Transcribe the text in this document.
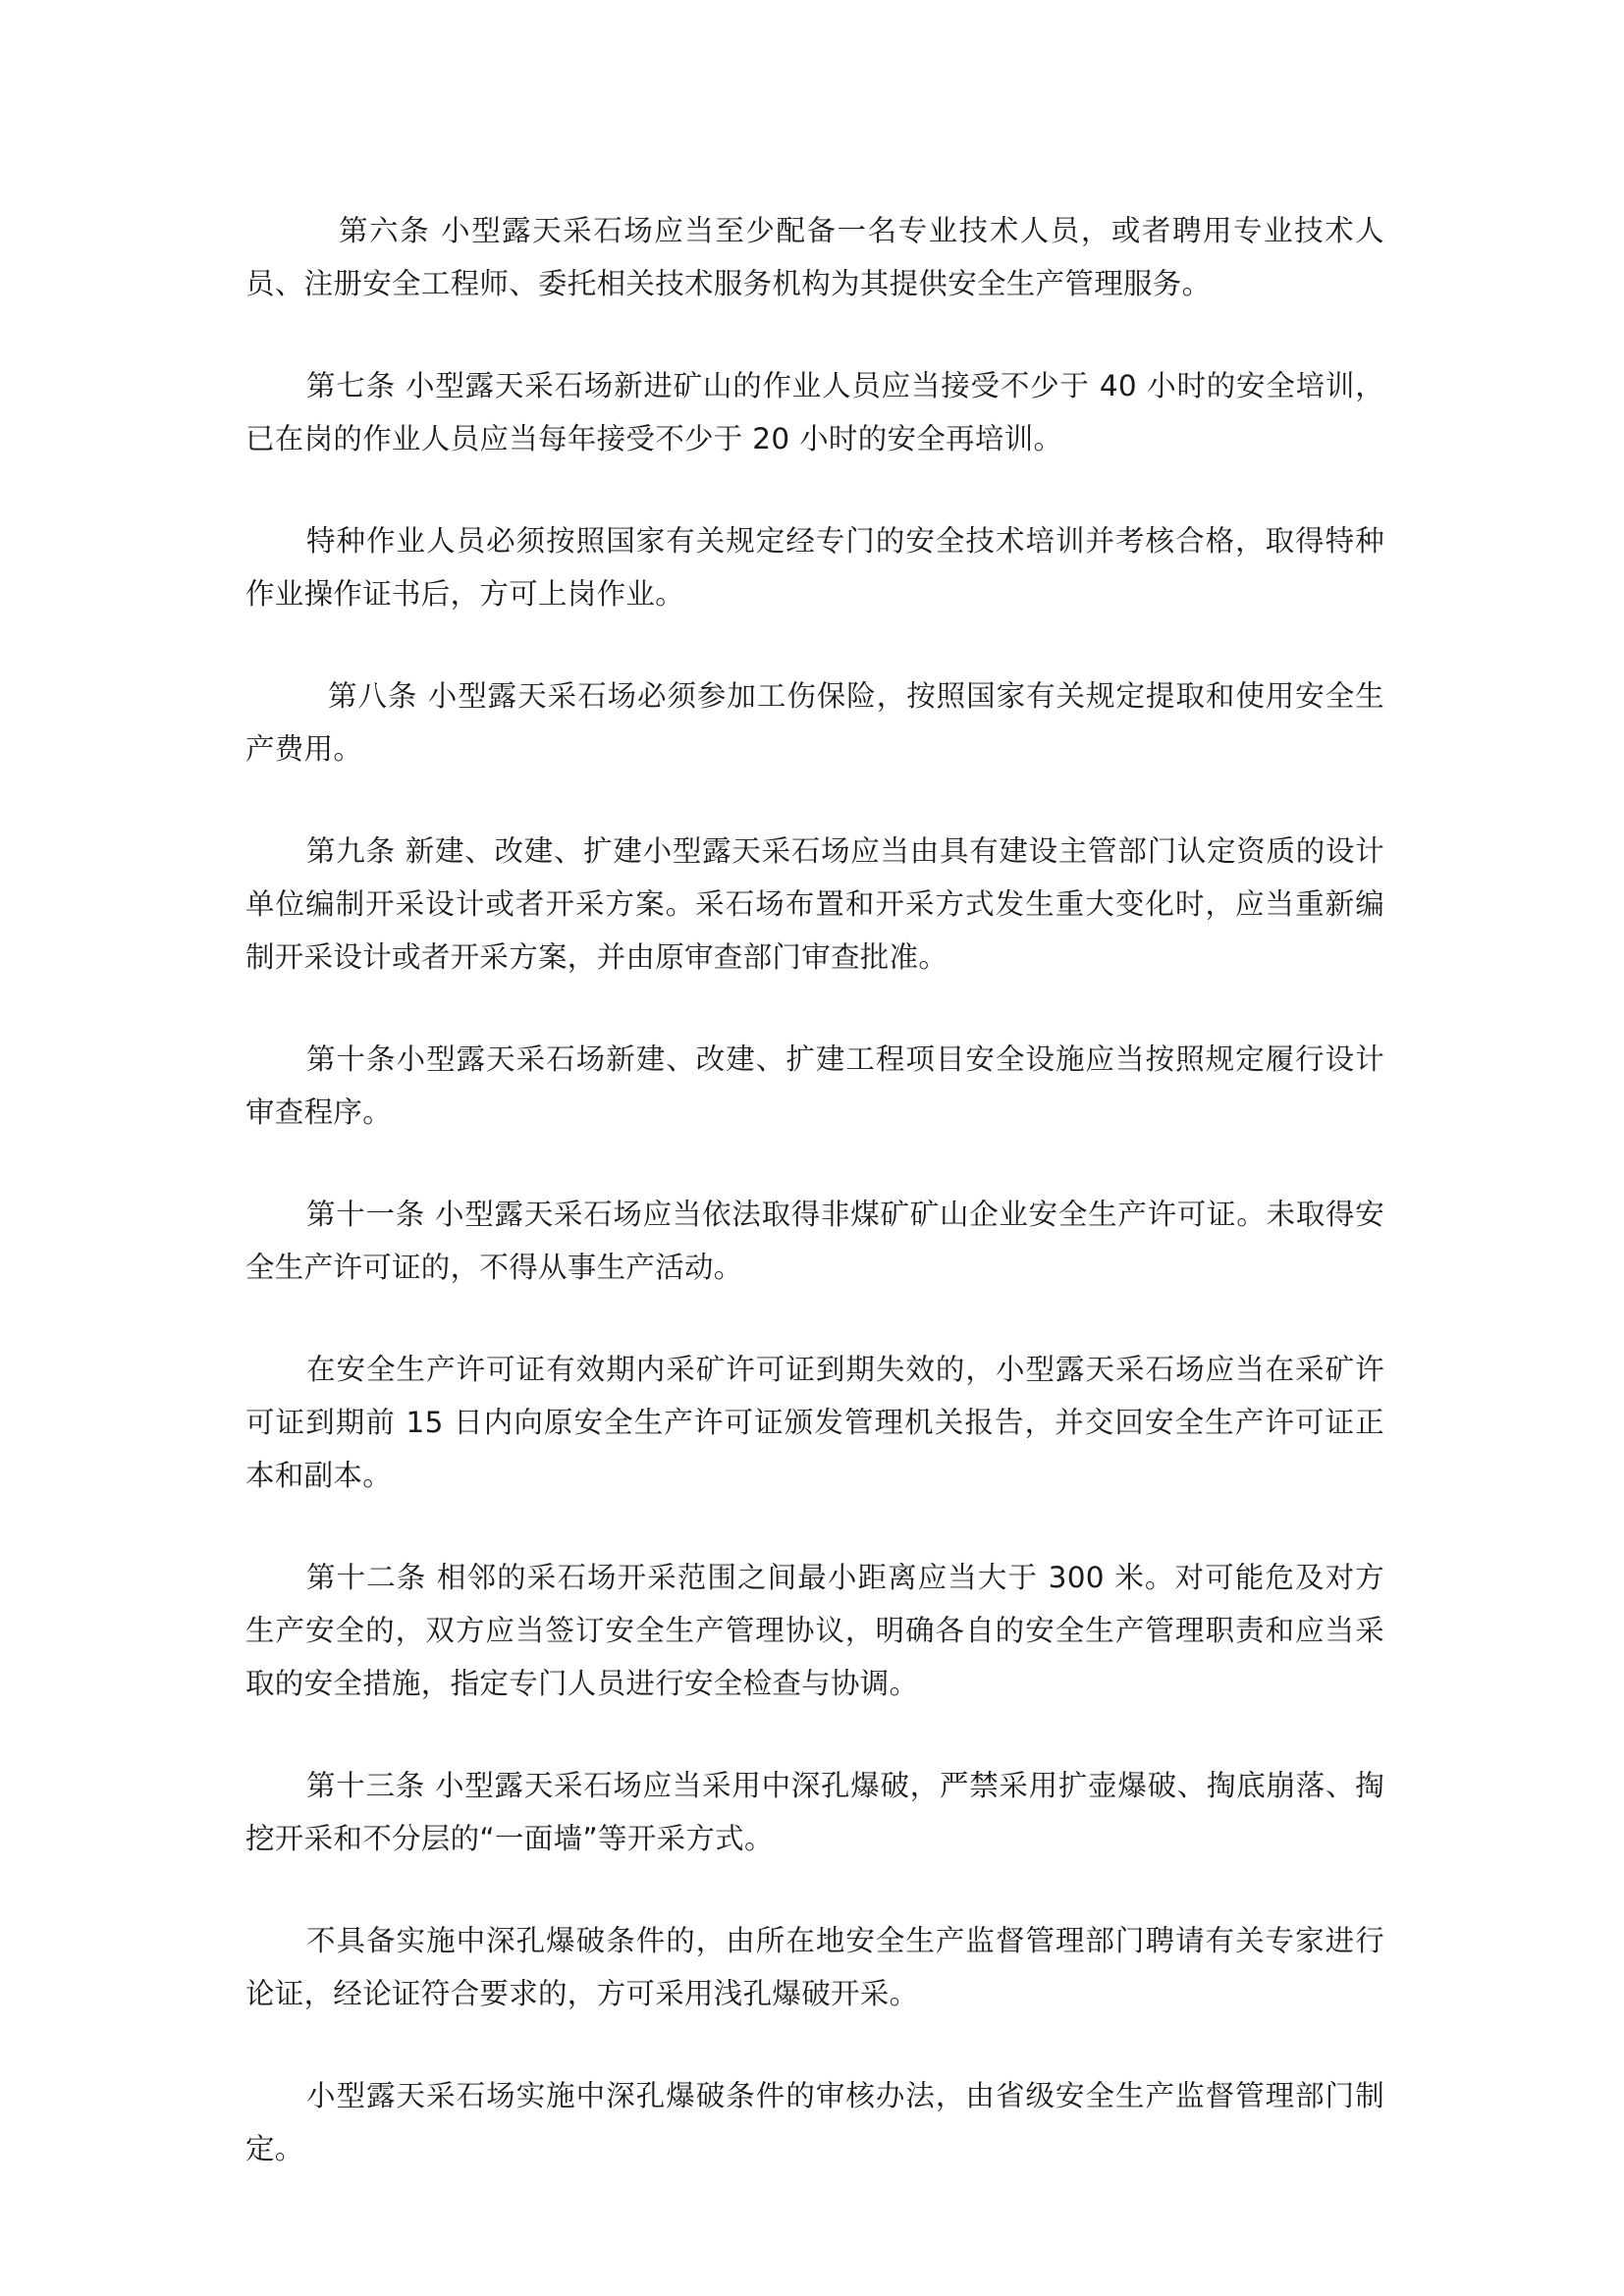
第六条 小型露天采石场应当至少配备一名专业技术人员，或者聘用专业技术人员、注册安全工程师、委托相关技术服务机构为其提供安全生产管理服务。

第七条 小型露天采石场新进矿山的作业人员应当接受不少于 40 小时的安全培训，已在岗的作业人员应当每年接受不少于 20 小时的安全再培训。

特种作业人员必须按照国家有关规定经专门的安全技术培训并考核合格，取得特种作业操作证书后，方可上岗作业。

第八条 小型露天采石场必须参加工伤保险，按照国家有关规定提取和使用安全生产费用。

第九条 新建、改建、扩建小型露天采石场应当由具有建设主管部门认定资质的设计单位编制开采设计或者开采方案。采石场布置和开采方式发生重大变化时，应当重新编制开采设计或者开采方案，并由原审查部门审查批准。

第十条小型露天采石场新建、改建、扩建工程项目安全设施应当按照规定履行设计审查程序。

第十一条 小型露天采石场应当依法取得非煤矿矿山企业安全生产许可证。未取得安全生产许可证的，不得从事生产活动。

在安全生产许可证有效期内采矿许可证到期失效的，小型露天采石场应当在采矿许可证到期前 15 日内向原安全生产许可证颁发管理机关报告，并交回安全生产许可证正本和副本。

第十二条 相邻的采石场开采范围之间最小距离应当大于 300 米。对可能危及对方生产安全的，双方应当签订安全生产管理协议，明确各自的安全生产管理职责和应当采取的安全措施，指定专门人员进行安全检查与协调。

第十三条 小型露天采石场应当采用中深孔爆破，严禁采用扩壶爆破、掏底崩落、掏挖开采和不分层的“一面墙”等开采方式。

不具备实施中深孔爆破条件的，由所在地安全生产监督管理部门聘请有关专家进行论证，经论证符合要求的，方可采用浅孔爆破开采。

小型露天采石场实施中深孔爆破条件的审核办法，由省级安全生产监督管理部门制定。
